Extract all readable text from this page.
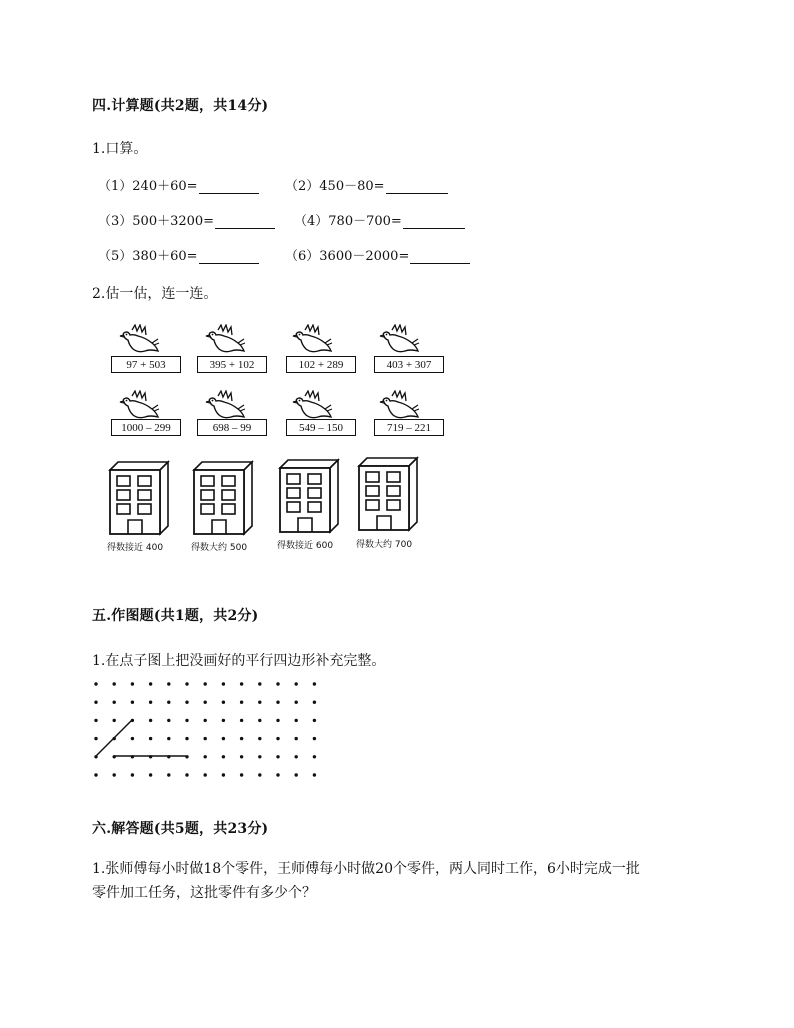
四.计算题(共2题，共14分)
1.口算。
（1） 240＋60=	（2） 450－80=
（3） 500＋3200=	（4） 780－700=
（5） 380＋60=	（6） 3600－2000=
2.估一估，连一连。
97 + 503	395 + 102	102 + 289	403 + 307
1000 – 299	698 – 99	549 – 150	719 – 221
得数接近 400	得数大约 500	得数接近 600	得数大约 700
五.作图题(共1题，共2分)
1.在点子图上把没画好的平行四边形补充完整。
六.解答题(共5题，共23分)
1.张师傅每小时做18个零件，王师傅每小时做20个零件，两人同时工作，6小时完成一批
零件加工任务，这批零件有多少个？
